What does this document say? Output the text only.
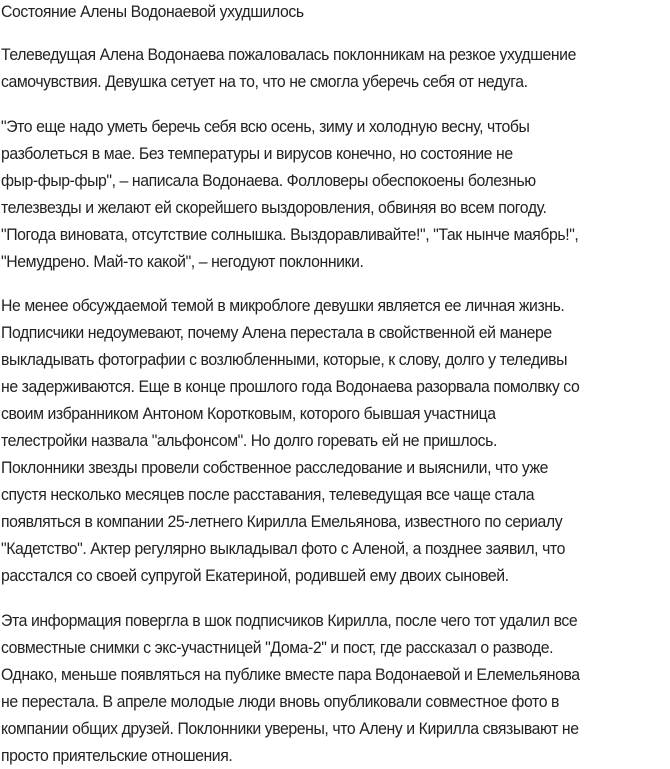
Состояние Алены Водонаевой ухудшилось

Телеведущая Алена Водонаева пожаловалась поклонникам на резкое ухудшение
самочувствия. Девушка сетует на то, что не смогла уберечь себя от недуга.

"Это еще надо уметь беречь себя всю осень, зиму и холодную весну, чтобы
разболеться в мае. Без температуры и вирусов конечно, но состояние не
фыр-фыр-фыр", – написала Водонаева. Фолловеры обеспокоены болезнью
телезвезды и желают ей скорейшего выздоровления, обвиняя во всем погоду.
"Погода виновата, отсутствие солнышка. Выздоравливайте!", "Так нынче маябрь!",
"Немудрено. Май-то какой", – негодуют поклонники.

Не менее обсуждаемой темой в микроблоге девушки является ее личная жизнь.
Подписчики недоумевают, почему Алена перестала в свойственной ей манере
выкладывать фотографии с возлюбленными, которые, к слову, долго у теледивы
не задерживаются. Еще в конце прошлого года Водонаева разорвала помолвку со
своим избранником Антоном Коротковым, которого бывшая участница
телестройки назвала "альфонсом". Но долго горевать ей не пришлось.
Поклонники звезды провели собственное расследование и выяснили, что уже
спустя несколько месяцев после расставания, телеведущая все чаще стала
появляться в компании 25-летнего Кирилла Емельянова, известного по сериалу
"Кадетство". Актер регулярно выкладывал фото с Аленой, а позднее заявил, что
расстался со своей супругой Екатериной, родившей ему двоих сыновей.

Эта информация повергла в шок подписчиков Кирилла, после чего тот удалил все
совместные снимки с экс-участницей "Дома-2" и пост, где рассказал о разводе.
Однако, меньше появляться на публике вместе пара Водонаевой и Елемельянова
не перестала. В апреле молодые люди вновь опубликовали совместное фото в
компании общих друзей. Поклонники уверены, что Алену и Кирилла связывают не
просто приятельские отношения.
